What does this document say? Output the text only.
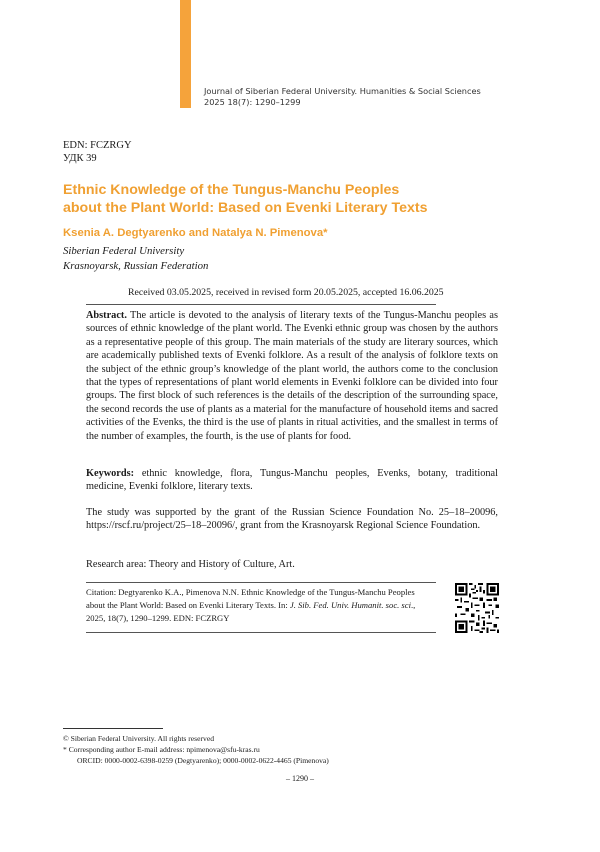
Journal of Siberian Federal University. Humanities & Social Sciences
2025 18(7): 1290–1299
EDN: FCZRGY
УДК 39
Ethnic Knowledge of the Tungus-Manchu Peoples
about the Plant World: Based on Evenki Literary Texts
Ksenia A. Degtyarenko and Natalya N. Pimenova*
Siberian Federal University
Krasnoyarsk, Russian Federation
Received 03.05.2025, received in revised form 20.05.2025, accepted 16.06.2025

Abstract. The article is devoted to the analysis of literary texts of the Tungus-Manchu peoples as sources of ethnic knowledge of the plant world. The Evenki ethnic group was chosen by the authors as a representative people of this group. The main materials of the study are literary sources, which are academically published texts of Evenki folklore. As a result of the analysis of folklore texts on the subject of the ethnic group’s knowledge of the plant world, the authors come to the conclusion that the types of representations of plant world elements in Evenki folklore can be divided into four groups. The first block of such references is the details of the description of the surrounding space, the second records the use of plants as a material for the manufacture of household items and sacred activities of the Evenks, the third is the use of plants in ritual activities, and the smallest in terms of the number of examples, the fourth, is the use of plants for food.

Keywords: ethnic knowledge, flora, Tungus-Manchu peoples, Evenks, botany, traditional medicine, Evenki folklore, literary texts.

The study was supported by the grant of the Russian Science Foundation No. 25–18–20096, https://rscf.ru/project/25–18–20096/, grant from the Krasnoyarsk Regional Science Foundation.

Research area: Theory and History of Culture, Art.

Citation: Degtyarenko K.A., Pimenova N.N. Ethnic Knowledge of the Tungus-Manchu Peoples about the Plant World: Based on Evenki Literary Texts. In: J. Sib. Fed. Univ. Humanit. soc. sci., 2025, 18(7), 1290–1299. EDN: FCZRGY

© Siberian Federal University. All rights reserved
* Corresponding author E-mail address: npimenova@sfu-kras.ru
ORCID: 0000-0002-6398-0259 (Degtyarenko); 0000-0002-0622-4465 (Pimenova)
– 1290 –
